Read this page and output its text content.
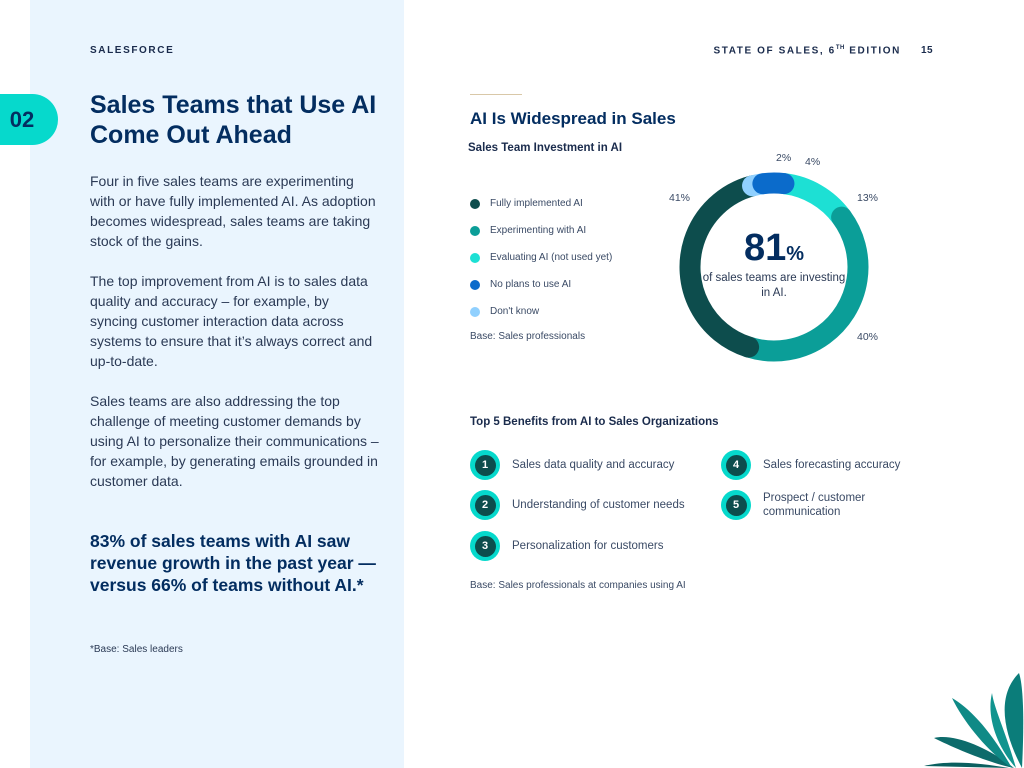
SALESFORCE	STATE OF SALES, 6TH EDITION 15
02	Sales Teams that Use AI Come Out Ahead
Four in five sales teams are experimenting with or have fully implemented AI. As adoption becomes widespread, sales teams are taking stock of the gains.
The top improvement from AI is to sales data quality and accuracy – for example, by syncing customer interaction data across systems to ensure that it’s always correct and up-to-date.
Sales teams are also addressing the top challenge of meeting customer demands by using AI to personalize their communications – for example, by generating emails grounded in customer data.
83% of sales teams with AI saw revenue growth in the past year — versus 66% of teams without AI.*
*Base: Sales leaders
AI Is Widespread in Sales
Sales Team Investment in AI
Fully implemented AI
Experimenting with AI
Evaluating AI (not used yet)
No plans to use AI
Don't know
Base: Sales professionals
41%
40%
13%
4%
2%
81%
of sales teams are investing in AI.
Top 5 Benefits from AI to Sales Organizations
1	Sales data quality and accuracy
2	Understanding of customer needs
3	Personalization for customers
4	Sales forecasting accuracy
5
Prospect / customer communication
Base: Sales professionals at companies using AI
